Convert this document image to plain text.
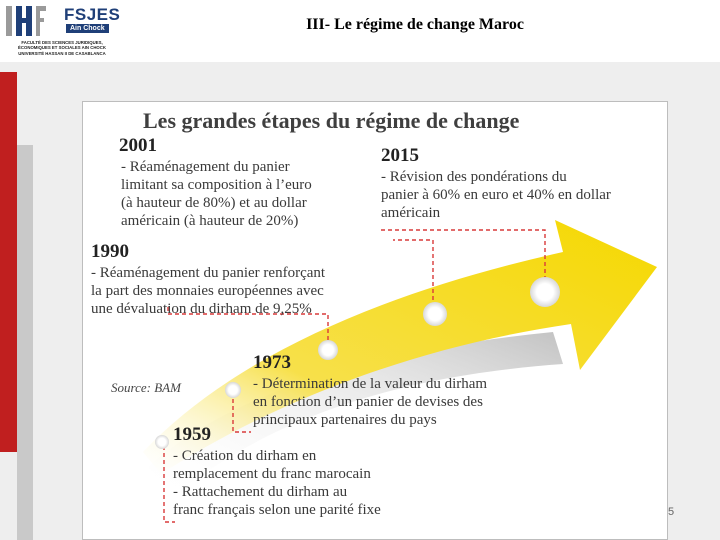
FSJES
Ain Chock
FACULTÉ DES SCIENCES JURIDIQUES,
ÉCONOMIQUES ET SOCIALES AIN CHOCK
UNIVERSITÉ HASSAN II DE CASABLANCA
III- Le régime de change Maroc
Les grandes étapes du régime de change
2001
- Réaménagement du panier
limitant sa composition à l’euro
(à hauteur de 80%) et au dollar
américain (à hauteur de 20%)
2015
- Révision des pondérations du
panier à 60% en euro et 40% en dollar
américain
1990
- Réaménagement du panier renforçant
la part des monnaies européennes avec
une dévaluation du dirham de 9,25%
Source: BAM
1973
- Détermination de la valeur du dirham
en fonction d’un panier de devises des
principaux partenaires du pays
1959
- Création du dirham en
remplacement du franc marocain
- Rattachement du dirham au
franc français selon une parité fixe	5
